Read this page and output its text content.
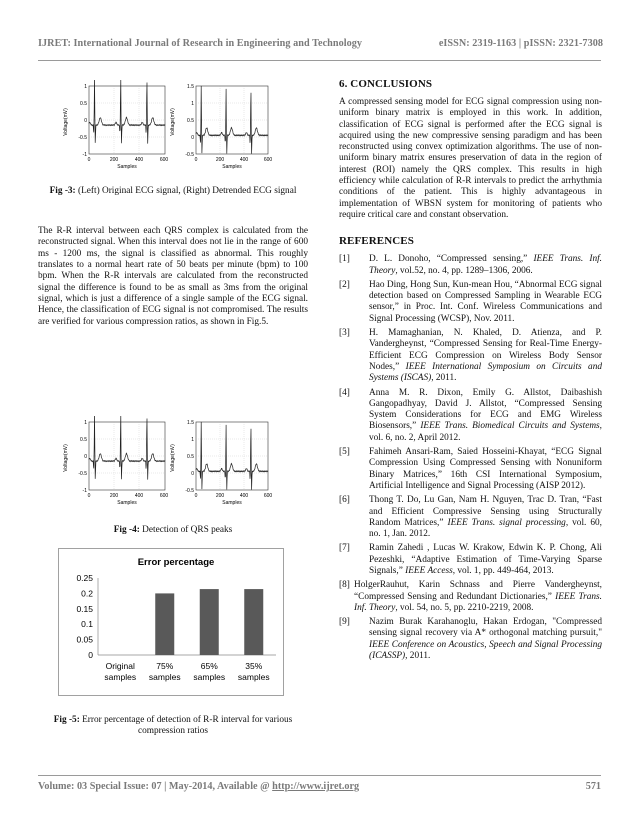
IJRET: International Journal of Research in Engineering and Technology	eISSN: 2319-1163 | pISSN: 2321-7308
Voltage(mV)
1
0.5
0
-0.5
-1
0	200	400	600
Samples
Voltage(mV)
1.5
1
0.5
0
-0.5
0	200	400	600
Samples
Fig -3: (Left) Original ECG signal, (Right) Detrended ECG signal
The R-R interval between each QRS complex is calculated from the reconstructed signal. When this interval does not lie in the range of 600 ms - 1200 ms, the signal is classified as abnormal. This roughly translates to a normal heart rate of 50 beats per minute (bpm) to 100 bpm. When the R-R intervals are calculated from the reconstructed signal the difference is found to be as small as 3ms from the original signal, which is just a difference of a single sample of the ECG signal. Hence, the classification of ECG signal is not compromised. The results are verified for various compression ratios, as shown in Fig.5.
Voltage(mV)
1
0.5
0
-0.5
-1
0	200	400	600
Samples
Voltage(mV)
1.5
1
0.5
0
-0.5
0	200	400	600
Samples
Fig -4: Detection of QRS peaks
Error percentage
0
0.05
0.1
0.15
0.2
0.25
Original
samples
75%
samples
65%
samples
35%
samples
Fig -5: Error percentage of detection of R-R interval for various compression ratios
6. CONCLUSIONS

A compressed sensing model for ECG signal compression using non-uniform binary matrix is employed in this work. In addition, classification of ECG signal is performed after the ECG signal is acquired using the new compressive sensing paradigm and has been reconstructed using convex optimization algorithms. The use of non-uniform binary matrix ensures preservation of data in the region of interest (ROI) namely the QRS complex. This results in high efficiency while calculation of R-R intervals to predict the arrhythmia conditions of the patient. This is highly advantageous in implementation of WBSN system for monitoring of patients who require critical care and constant observation.

REFERENCES
[1]	D. L. Donoho, “Compressed sensing,” IEEE Trans. Inf. Theory, vol.52, no. 4, pp. 1289–1306, 2006.
[2]	Hao Ding, Hong Sun, Kun-mean Hou, “Abnormal ECG signal detection based on Compressed Sampling in Wearable ECG sensor,” in Proc. Int. Conf. Wireless Communications and Signal Processing (WCSP), Nov. 2011.
[3]	H. Mamaghanian, N. Khaled, D. Atienza, and P. Vandergheynst, “Compressed Sensing for Real-Time Energy-Efficient ECG Compression on Wireless Body Sensor Nodes,” IEEE International Symposium on Circuits and Systems (ISCAS), 2011.
[4]	Anna M. R. Dixon, Emily G. Allstot, Daibashish Gangopadhyay, David J. Allstot, “Compressed Sensing System Considerations for ECG and EMG Wireless Biosensors,” IEEE Trans. Biomedical Circuits and Systems, vol. 6, no. 2, April 2012.
[5]	Fahimeh Ansari-Ram, Saied Hosseini-Khayat, “ECG Signal Compression Using Compressed Sensing with Nonuniform Binary Matrices,” 16th CSI International Symposium, Artificial Intelligence and Signal Processing (AISP 2012).
[6]	Thong T. Do, Lu Gan, Nam H. Nguyen, Trac D. Tran, “Fast and Efficient Compressive Sensing using Structurally Random Matrices,” IEEE Trans. signal processing, vol. 60, no. 1, Jan. 2012.
[7]	Ramin Zahedi , Lucas W. Krakow, Edwin K. P. Chong, Ali Pezeshki, “Adaptive Estimation of Time-Varying Sparse Signals,” IEEE Access, vol. 1, pp. 449-464, 2013.
[8] HolgerRauhut, Karin Schnass and Pierre Vandergheynst, “Compressed Sensing and Redundant Dictionaries,” IEEE Trans. Inf. Theory, vol. 54, no. 5, pp. 2210-2219, 2008.
[9]	Nazim Burak Karahanoglu, Hakan Erdogan, "Compressed sensing signal recovery via A* orthogonal matching pursuit," IEEE Conference on Acoustics, Speech and Signal Processing (ICASSP), 2011.
Volume: 03 Special Issue: 07 | May-2014, Available @ http://www.ijret.org	571
